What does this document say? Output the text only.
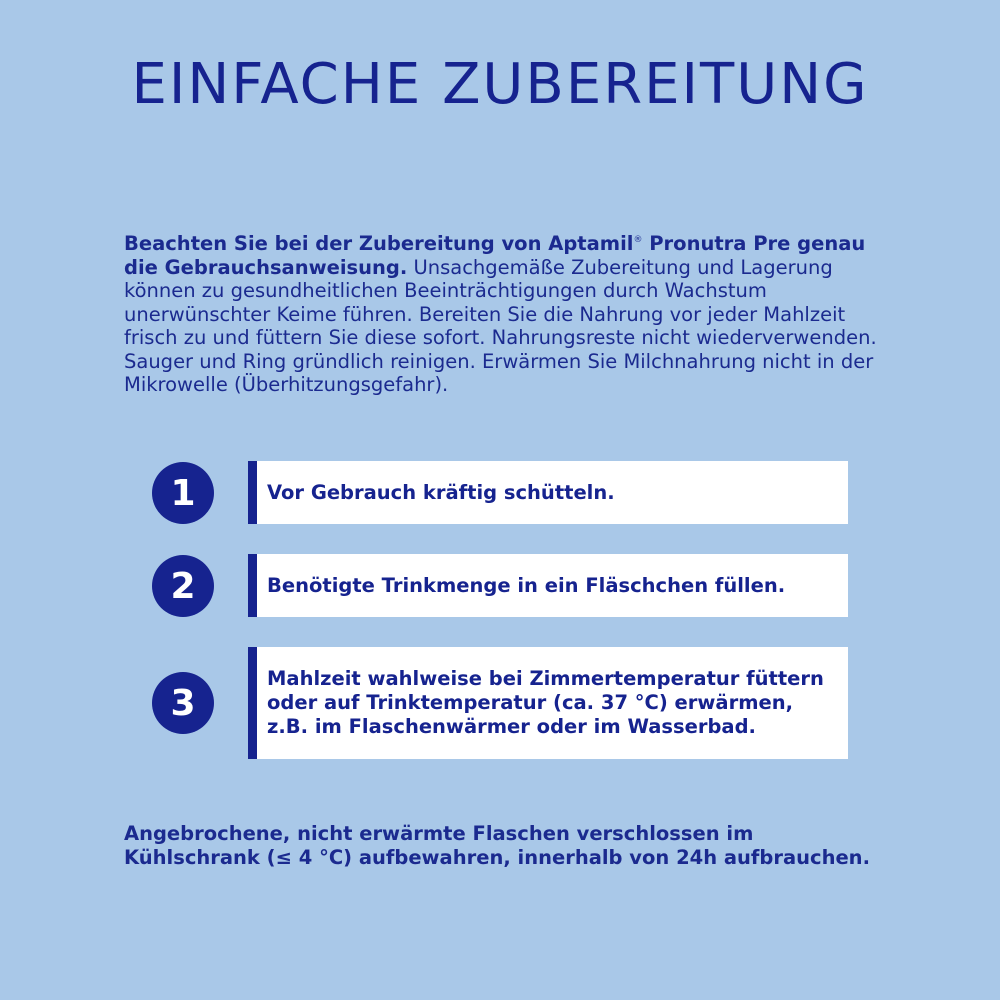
EINFACHE ZUBEREITUNG

Beachten Sie bei der Zubereitung von Aptamil® Pronutra Pre genau die Gebrauchsanweisung. Unsachgemäße Zubereitung und Lagerung können zu gesundheitlichen Beeinträchtigungen durch Wachstum unerwünschter Keime führen. Bereiten Sie die Nahrung vor jeder Mahlzeit frisch zu und füttern Sie diese sofort. Nahrungsreste nicht wiederverwenden. Sauger und Ring gründlich reinigen. Erwärmen Sie Milchnahrung nicht in der Mikrowelle (Überhitzungsgefahr).

1	Vor Gebrauch kräftig schütteln.
2	Benötigte Trinkmenge in ein Fläschchen füllen.
3
Mahlzeit wahlweise bei Zimmertemperatur füttern oder auf Trinktemperatur (ca. 37 °C) erwärmen, z.B. im Flaschenwärmer oder im Wasserbad.

Angebrochene, nicht erwärmte Flaschen verschlossen im Kühlschrank (≤ 4 °C) aufbewahren, innerhalb von 24h aufbrauchen.
